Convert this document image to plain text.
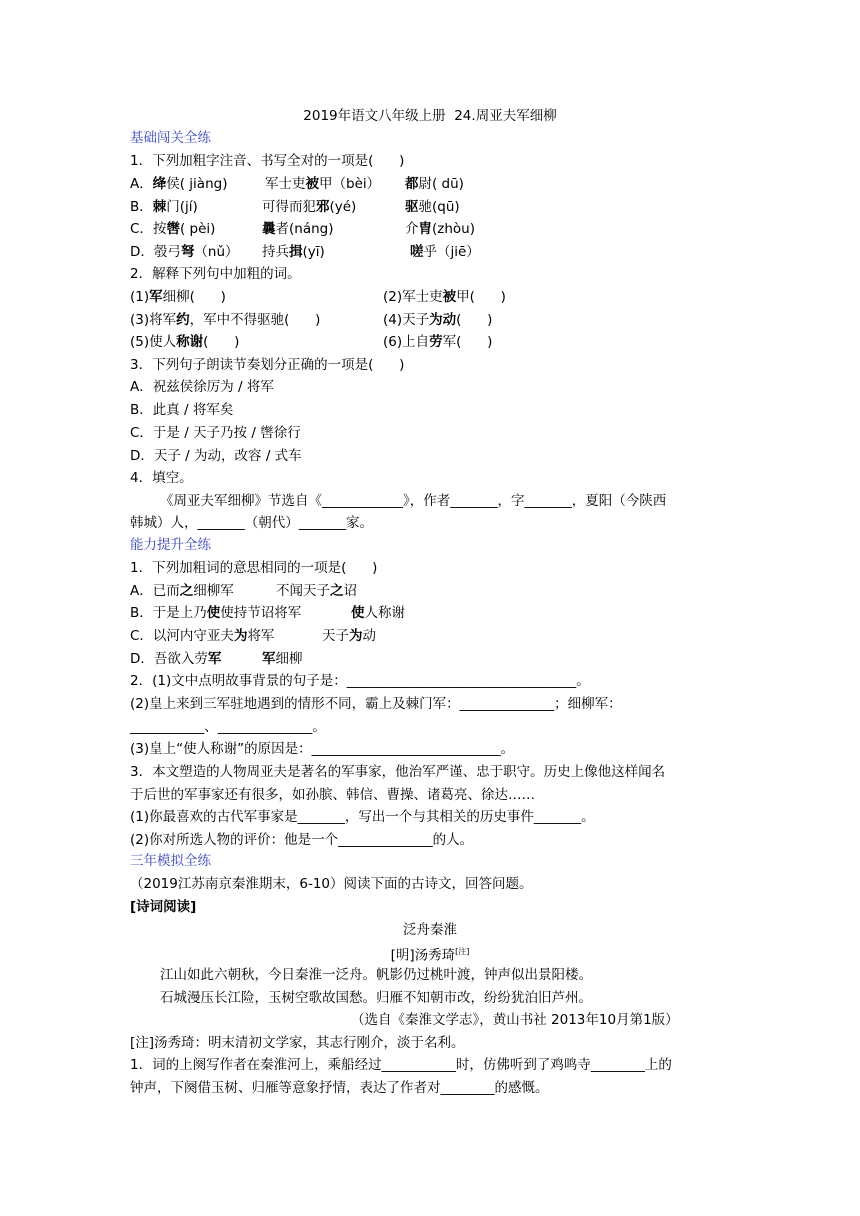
2019年语文八年级上册  24.周亚夫军细柳
基础闯关全练
1．下列加粗字注音、书写全对的一项是(      )
A．绛侯( jiàng)	军士吏被甲（bèi） 都尉( dū)
B．棘门(jí)	可得而犯邪(yé)	驱驰(qū)
C．按辔( pèi)	曩者(náng)	介胄(zhòu)
D．彀弓弩（nǔ） 持兵揖(yī)	嗟乎（jiē）
2．解释下列句中加粗的词。
(1)军细柳(      )	(2)军士吏被甲(      )
(3)将军约，军中不得驱驰(      )	(4)天子为动(      )
(5)使人称谢(      )	(6)上自劳军(      )
3．下列句子朗读节奏划分正确的一项是(      )
A．祝兹侯徐厉为 / 将军
B．此真 / 将军矣
C．于是 / 天子乃按 / 辔徐行
D．天子 / 为动，改容 / 式车
4．填空。
《周亚夫军细柳》节选自《____________》，作者_______，字_______，夏阳（今陕西
韩城）人，_______（朝代）_______家。
能力提升全练
1．下列加粗词的意思相同的一项是(      )
A．已而之细柳军	不闻天子之诏
B．于是上乃使使持节诏将军	使人称谢
C．以河内守亚夫为将军	天子为动
D．吾欲入劳军	军细柳
2．(1)文中点明故事背景的句子是：__________________________________。
(2)皇上来到三军驻地遇到的情形不同，霸上及棘门军：______________；细柳军：
___________、______________。
(3)皇上“使人称谢”的原因是：____________________________。
3．本文塑造的人物周亚夫是著名的军事家，他治军严谨、忠于职守。历史上像他这样闻名
于后世的军事家还有很多，如孙膑、韩信、曹操、诸葛亮、徐达……
(1)你最喜欢的古代军事家是_______，写出一个与其相关的历史事件_______。
(2)你对所选人物的评价：他是一个______________的人。
三年模拟全练
（2019江苏南京秦淮期末，6-10）阅读下面的古诗文，回答问题。
[诗词阅读]
泛舟秦淮
[明]汤秀琦[注]
江山如此六朝秋，今日秦淮一泛舟。帆影仍过桃叶渡，钟声似出景阳楼。
石城漫压长江险，玉树空歌故国愁。归雁不知朝市改，纷纷犹泊旧芦州。
（选自《秦淮文学志》，黄山书社 2013年10月第1版）
[注]汤秀琦：明末清初文学家，其志行刚介，淡于名利。
1．词的上阕写作者在秦淮河上，乘船经过___________时，仿佛听到了鸡鸣寺________上的
钟声，下阕借玉树、归雁等意象抒情，表达了作者对________的感慨。
